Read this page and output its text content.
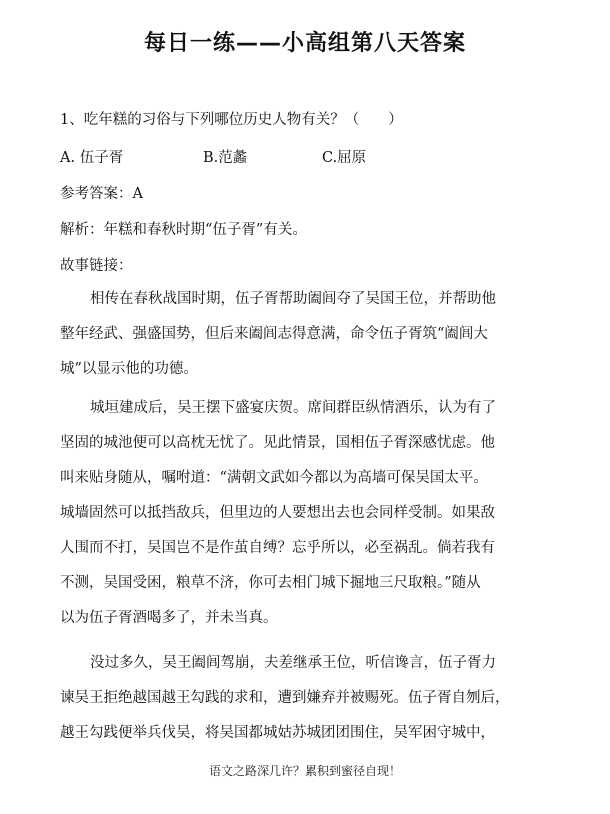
每日一练——小高组第八天答案
1、吃年糕的习俗与下列哪位历史人物有关？（　　）
A. 伍子胥	B.范蠡	C.屈原
参考答案：A
解析：年糕和春秋时期“伍子胥”有关。
故事链接：
相传在春秋战国时期，伍子胥帮助阖闾夺了吴国王位，并帮助他
整年经武、强盛国势，但后来阖闾志得意满，命令伍子胥筑“阖闾大
城”以显示他的功德。
城垣建成后，吴王摆下盛宴庆贺。席间群臣纵情酒乐，认为有了
坚固的城池便可以高枕无忧了。见此情景，国相伍子胥深感忧虑。他
叫来贴身随从，嘱咐道：“满朝文武如今都以为高墙可保吴国太平。
城墙固然可以抵挡敌兵，但里边的人要想出去也会同样受制。如果敌
人围而不打，吴国岂不是作茧自缚？忘乎所以，必至祸乱。倘若我有
不测，吴国受困，粮草不济，你可去相门城下掘地三尺取粮。”随从
以为伍子胥酒喝多了，并未当真。
没过多久，吴王阖闾驾崩，夫差继承王位，听信谗言，伍子胥力
谏吴王拒绝越国越王勾践的求和，遭到嫌弃并被赐死。伍子胥自刎后，
越王勾践便举兵伐吴，将吴国都城姑苏城团团围住，吴军困守城中，
语文之路深几许？累积到蜜径自现！
